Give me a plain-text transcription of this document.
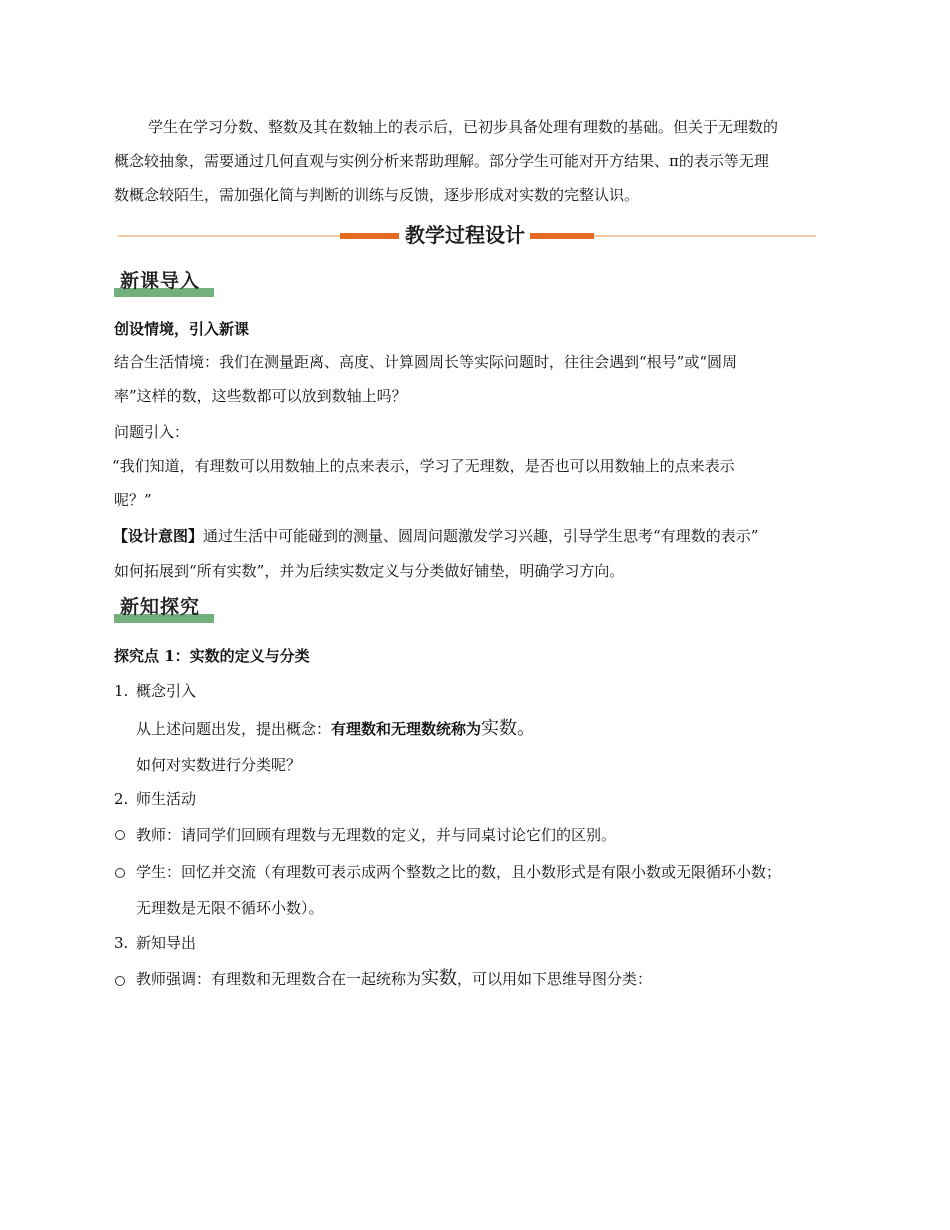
学生在学习分数、整数及其在数轴上的表示后，已初步具备处理有理数的基础。但关于无理数的
概念较抽象，需要通过几何直观与实例分析来帮助理解。部分学生可能对开方结果、π的表示等无理
数概念较陌生，需加强化简与判断的训练与反馈，逐步形成对实数的完整认识。
教学过程设计
新课导入
创设情境，引入新课
结合生活情境：我们在测量距离、高度、计算圆周长等实际问题时，往往会遇到“根号”或“圆周
率”这样的数，这些数都可以放到数轴上吗？
问题引入：
“我们知道，有理数可以用数轴上的点来表示，学习了无理数，是否也可以用数轴上的点来表示
呢？”
【设计意图】通过生活中可能碰到的测量、圆周问题激发学习兴趣，引导学生思考“有理数的表示”
如何拓展到“所有实数”，并为后续实数定义与分类做好铺垫，明确学习方向。
新知探究
探究点 1：实数的定义与分类
1. 概念引入
从上述问题出发，提出概念：有理数和无理数统称为实数。
如何对实数进行分类呢？
2. 师生活动
教师：请同学们回顾有理数与无理数的定义，并与同桌讨论它们的区别。
学生：回忆并交流（有理数可表示成两个整数之比的数，且小数形式是有限小数或无限循环小数；
无理数是无限不循环小数）。
3. 新知导出
教师强调：有理数和无理数合在一起统称为实数，可以用如下思维导图分类：
